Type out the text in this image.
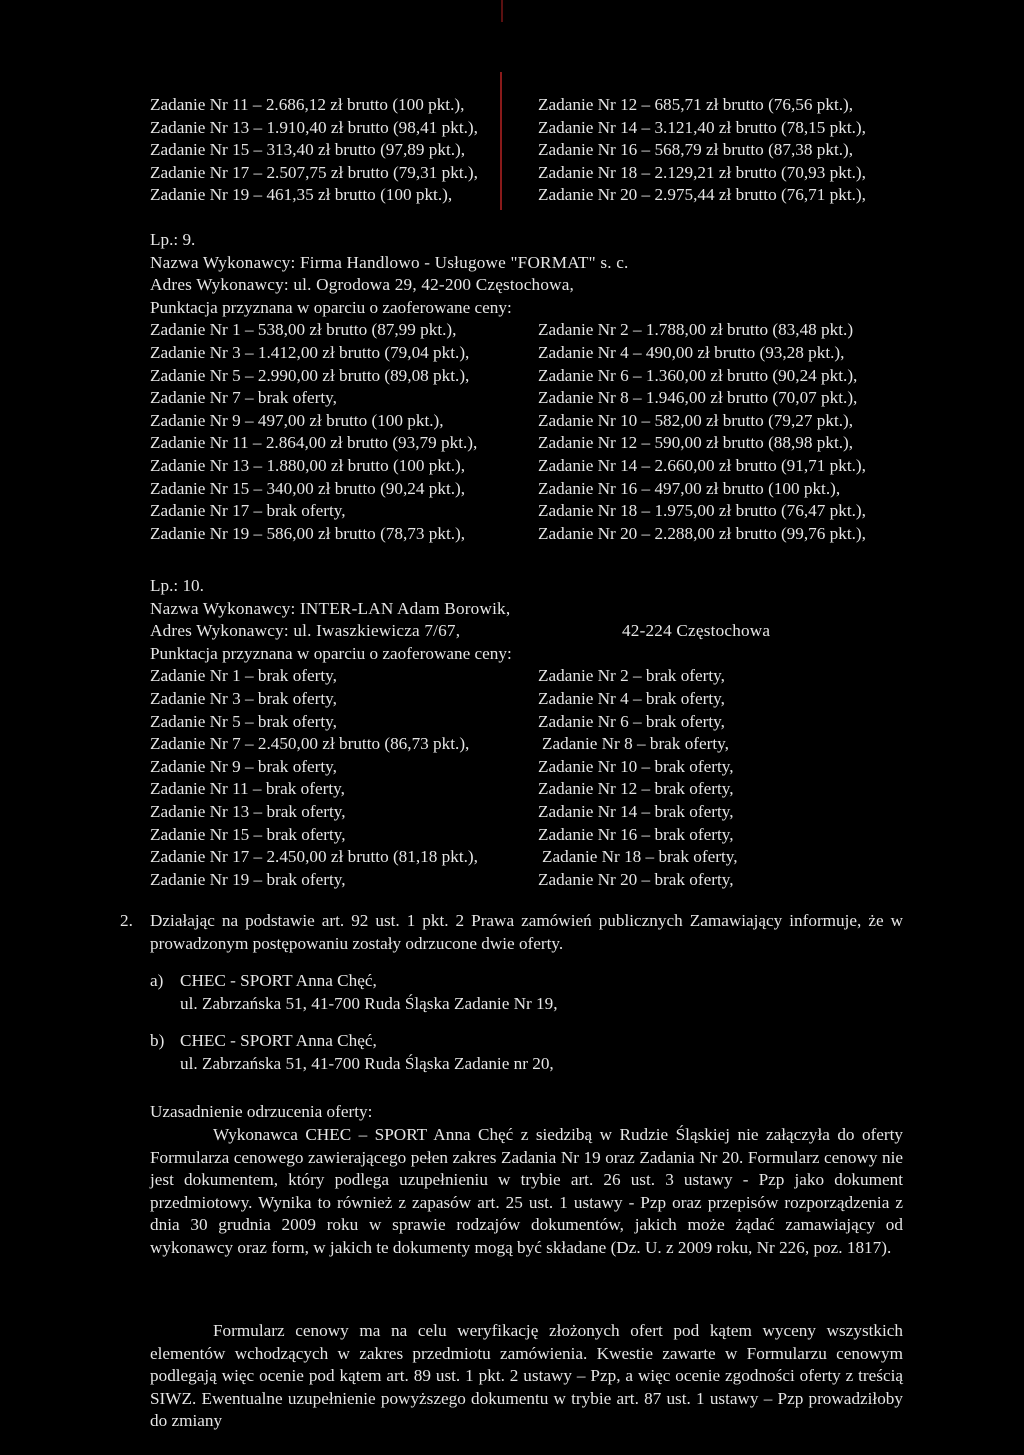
Zadanie Nr 11 – 2.686,12 zł brutto (100 pkt.),	Zadanie Nr 12 – 685,71 zł brutto (76,56 pkt.),
Zadanie Nr 13 – 1.910,40 zł brutto (98,41 pkt.),	Zadanie Nr 14 – 3.121,40 zł brutto (78,15 pkt.),
Zadanie Nr 15 – 313,40 zł brutto (97,89 pkt.),	Zadanie Nr 16 – 568,79 zł brutto (87,38 pkt.),
Zadanie Nr 17 – 2.507,75 zł brutto (79,31 pkt.),	Zadanie Nr 18 – 2.129,21 zł brutto (70,93 pkt.),
Zadanie Nr 19 – 461,35 zł brutto (100 pkt.),	Zadanie Nr 20 – 2.975,44 zł brutto (76,71 pkt.),
Lp.: 9.
Nazwa Wykonawcy: Firma Handlowo - Usługowe "FORMAT" s. c.
Adres Wykonawcy: ul. Ogrodowa 29, 42-200 Częstochowa,
Punktacja przyznana w oparciu o zaoferowane ceny:
Zadanie Nr 1 – 538,00 zł brutto (87,99 pkt.),	Zadanie Nr 2 – 1.788,00 zł brutto (83,48 pkt.)
Zadanie Nr 3 – 1.412,00 zł brutto (79,04 pkt.),	Zadanie Nr 4 – 490,00 zł brutto (93,28 pkt.),
Zadanie Nr 5 – 2.990,00 zł brutto (89,08 pkt.),	Zadanie Nr 6 – 1.360,00 zł brutto (90,24 pkt.),
Zadanie Nr 7 – brak oferty,	Zadanie Nr 8 – 1.946,00 zł brutto (70,07 pkt.),
Zadanie Nr 9 – 497,00 zł brutto (100 pkt.),	Zadanie Nr 10 – 582,00 zł brutto (79,27 pkt.),
Zadanie Nr 11 – 2.864,00 zł brutto (93,79 pkt.),	Zadanie Nr 12 – 590,00 zł brutto (88,98 pkt.),
Zadanie Nr 13 – 1.880,00 zł brutto (100 pkt.),	Zadanie Nr 14 – 2.660,00 zł brutto (91,71 pkt.),
Zadanie Nr 15 – 340,00 zł brutto (90,24 pkt.),	Zadanie Nr 16 – 497,00 zł brutto (100 pkt.),
Zadanie Nr 17 – brak oferty,	Zadanie Nr 18 – 1.975,00 zł brutto (76,47 pkt.),
Zadanie Nr 19 – 586,00 zł brutto (78,73 pkt.),	Zadanie Nr 20 – 2.288,00 zł brutto (99,76 pkt.),
Lp.: 10.
Nazwa Wykonawcy: INTER-LAN Adam Borowik,
Adres Wykonawcy: ul. Iwaszkiewicza 7/67,	42-224 Częstochowa
Punktacja przyznana w oparciu o zaoferowane ceny:
Zadanie Nr 1 – brak oferty,	Zadanie Nr 2 – brak oferty,
Zadanie Nr 3 – brak oferty,	Zadanie Nr 4 – brak oferty,
Zadanie Nr 5 – brak oferty,	Zadanie Nr 6 – brak oferty,
Zadanie Nr 7 – 2.450,00 zł brutto (86,73 pkt.),	Zadanie Nr 8 – brak oferty,
Zadanie Nr 9 – brak oferty,	Zadanie Nr 10 – brak oferty,
Zadanie Nr 11 – brak oferty,	Zadanie Nr 12 – brak oferty,
Zadanie Nr 13 – brak oferty,	Zadanie Nr 14 – brak oferty,
Zadanie Nr 15 – brak oferty,	Zadanie Nr 16 – brak oferty,
Zadanie Nr 17 – 2.450,00 zł brutto (81,18 pkt.),	Zadanie Nr 18 – brak oferty,
Zadanie Nr 19 – brak oferty,	Zadanie Nr 20 – brak oferty,
2. Działając na podstawie art. 92 ust. 1 pkt. 2 Prawa zamówień publicznych Zamawiający informuje, że w prowadzonym postępowaniu zostały odrzucone dwie oferty.
a) CHEC - SPORT Anna Chęć,
ul. Zabrzańska 51, 41-700 Ruda Śląska Zadanie Nr 19,
b) CHEC - SPORT Anna Chęć,
ul. Zabrzańska 51, 41-700 Ruda Śląska Zadanie nr 20,
Uzasadnienie odrzucenia oferty:
Wykonawca CHEC – SPORT Anna Chęć z siedzibą w Rudzie Śląskiej nie załączyła do oferty Formularza cenowego zawierającego pełen zakres Zadania Nr 19 oraz Zadania Nr 20. Formularz cenowy nie jest dokumentem, który podlega uzupełnieniu w trybie art. 26 ust. 3 ustawy - Pzp jako dokument przedmiotowy. Wynika to również z zapasów art. 25 ust. 1 ustawy - Pzp oraz przepisów rozporządzenia z dnia 30 grudnia 2009 roku w sprawie rodzajów dokumentów, jakich może żądać zamawiający od wykonawcy oraz form, w jakich te dokumenty mogą być składane (Dz. U. z 2009 roku, Nr 226, poz. 1817).
Formularz cenowy ma na celu weryfikację złożonych ofert pod kątem wyceny wszystkich elementów wchodzących w zakres przedmiotu zamówienia. Kwestie zawarte w Formularzu cenowym podlegają więc ocenie pod kątem art. 89 ust. 1 pkt. 2 ustawy – Pzp, a więc ocenie zgodności oferty z treścią SIWZ. Ewentualne uzupełnienie powyższego dokumentu w trybie art. 87 ust. 1 ustawy – Pzp prowadziłoby do zmiany
